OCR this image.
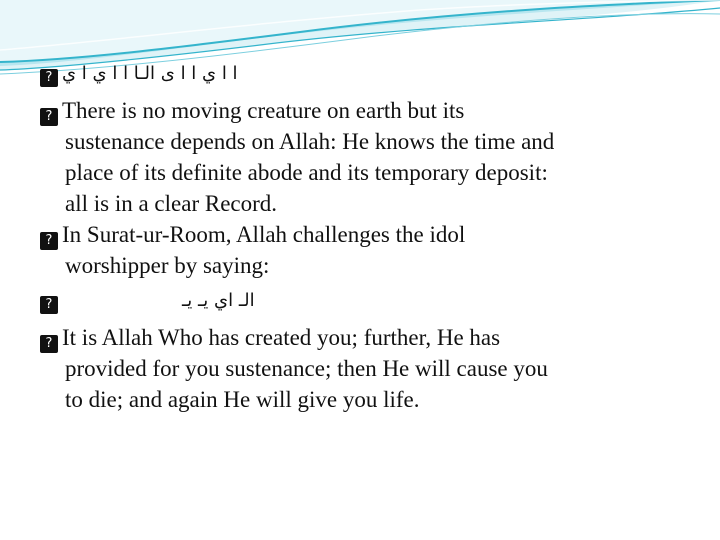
? ا ا ي ا ا ى الـا ا ا ي ا ي
? There is no moving creature on earth but its
sustenance depends on Allah: He knows the time and
place of its definite abode and its temporary deposit:
all is in a clear Record.
? In Surat-ur-Room, Allah challenges the idol
worshipper by saying:
?	الـ اي يـ يـ
? It is Allah Who has created you; further, He has
provided for you sustenance; then He will cause you
to die; and again He will give you life.
